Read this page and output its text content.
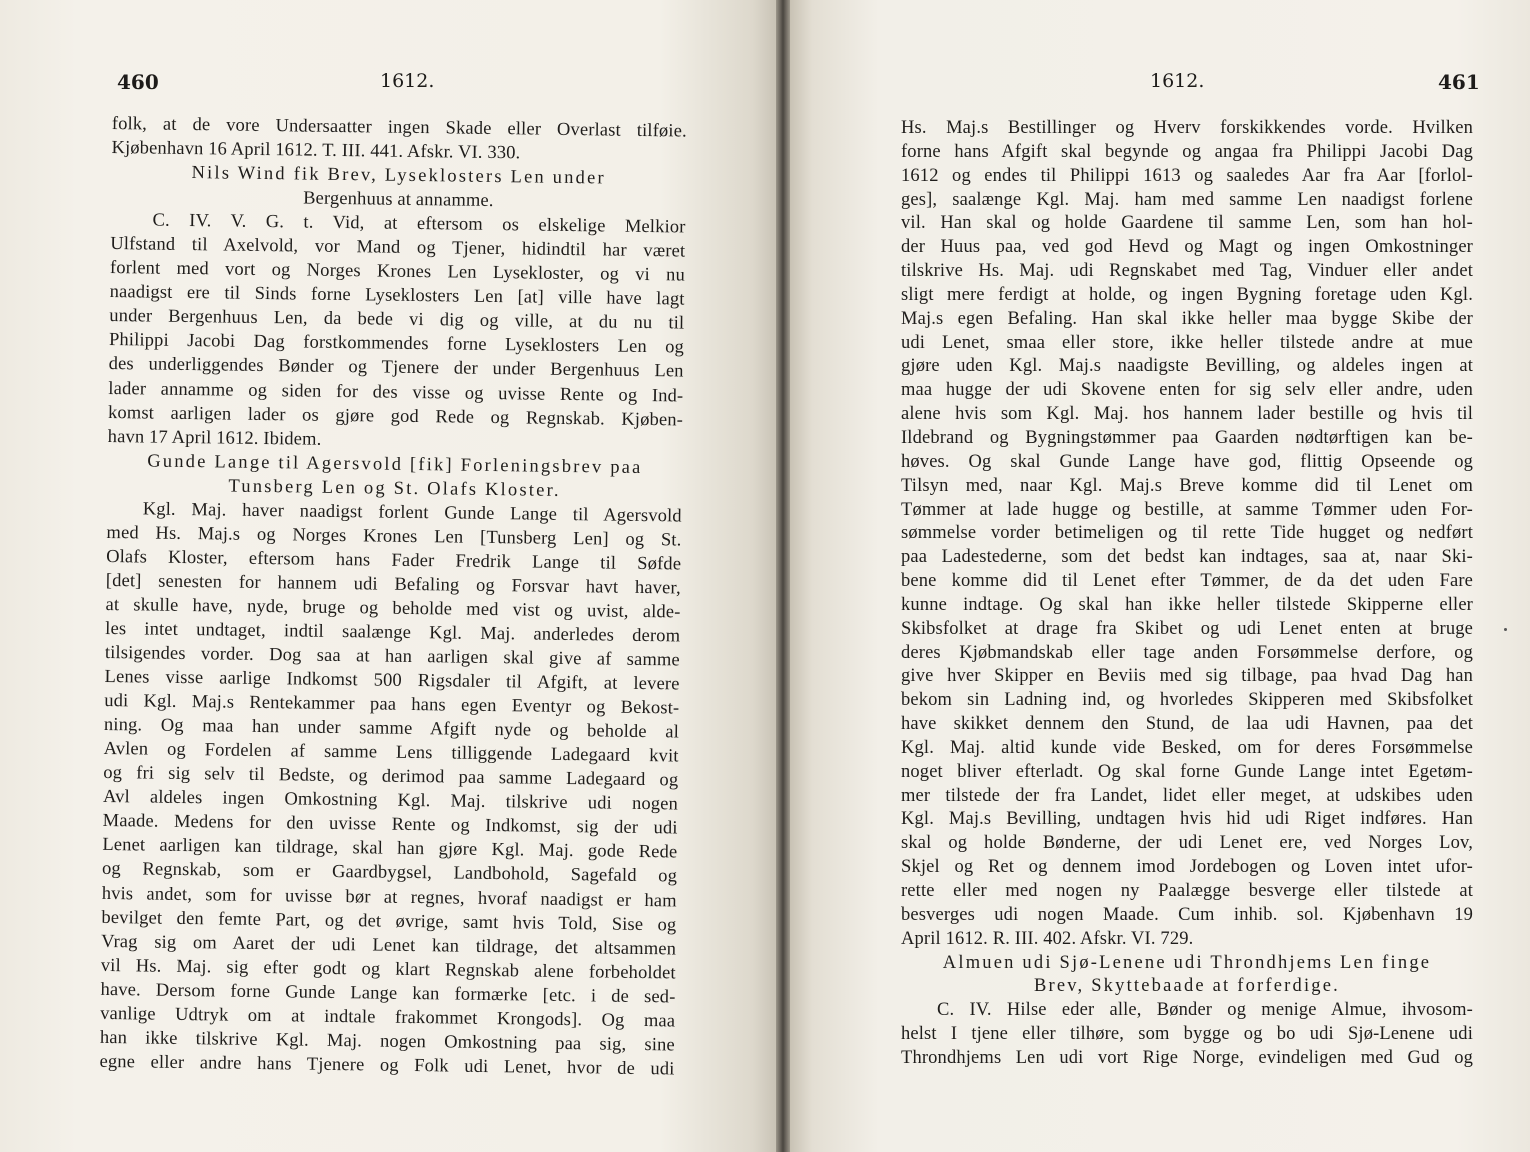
460	1612.
folk, at de vore Undersaatter ingen Skade eller Overlast tilføie.
Kjøbenhavn 16 April 1612. T. III. 441. Afskr. VI. 330.
Nils Wind fik Brev, Lyseklosters Len under
Bergenhuus at annamme.
C. IV. V. G. t. Vid, at eftersom os elskelige Melkior
Ulfstand til Axelvold, vor Mand og Tjener, hidindtil har været
forlent med vort og Norges Krones Len Lysekloster, og vi nu
naadigst ere til Sinds forne Lyseklosters Len [at] ville have lagt
under Bergenhuus Len, da bede vi dig og ville, at du nu til
Philippi Jacobi Dag forstkommendes forne Lyseklosters Len og
des underliggendes Bønder og Tjenere der under Bergenhuus Len
lader annamme og siden for des visse og uvisse Rente og Ind-
komst aarligen lader os gjøre god Rede og Regnskab. Kjøben-
havn 17 April 1612. Ibidem.
Gunde Lange til Agersvold [fik] Forleningsbrev paa
Tunsberg Len og St. Olafs Kloster.
Kgl. Maj. haver naadigst forlent Gunde Lange til Agersvold
med Hs. Maj.s og Norges Krones Len [Tunsberg Len] og St.
Olafs Kloster, eftersom hans Fader Fredrik Lange til Søfde
[det] senesten for hannem udi Befaling og Forsvar havt haver,
at skulle have, nyde, bruge og beholde med vist og uvist, alde-
les intet undtaget, indtil saalænge Kgl. Maj. anderledes derom
tilsigendes vorder. Dog saa at han aarligen skal give af samme
Lenes visse aarlige Indkomst 500 Rigsdaler til Afgift, at levere
udi Kgl. Maj.s Rentekammer paa hans egen Eventyr og Bekost-
ning. Og maa han under samme Afgift nyde og beholde al
Avlen og Fordelen af samme Lens tilliggende Ladegaard kvit
og fri sig selv til Bedste, og derimod paa samme Ladegaard og
Avl aldeles ingen Omkostning Kgl. Maj. tilskrive udi nogen
Maade. Medens for den uvisse Rente og Indkomst, sig der udi
Lenet aarligen kan tildrage, skal han gjøre Kgl. Maj. gode Rede
og Regnskab, som er Gaardbygsel, Landbohold, Sagefald og
hvis andet, som for uvisse bør at regnes, hvoraf naadigst er ham
bevilget den femte Part, og det øvrige, samt hvis Told, Sise og
Vrag sig om Aaret der udi Lenet kan tildrage, det altsammen
vil Hs. Maj. sig efter godt og klart Regnskab alene forbeholdet
have. Dersom forne Gunde Lange kan formærke [etc. i de sed-
vanlige Udtryk om at indtale frakommet Krongods]. Og maa
han ikke tilskrive Kgl. Maj. nogen Omkostning paa sig, sine
egne eller andre hans Tjenere og Folk udi Lenet, hvor de udi
1612.	461
Hs. Maj.s Bestillinger og Hverv forskikkendes vorde. Hvilken
forne hans Afgift skal begynde og angaa fra Philippi Jacobi Dag
1612 og endes til Philippi 1613 og saaledes Aar fra Aar [forlol-
ges], saalænge Kgl. Maj. ham med samme Len naadigst forlene
vil. Han skal og holde Gaardene til samme Len, som han hol-
der Huus paa, ved god Hevd og Magt og ingen Omkostninger
tilskrive Hs. Maj. udi Regnskabet med Tag, Vinduer eller andet
sligt mere ferdigt at holde, og ingen Bygning foretage uden Kgl.
Maj.s egen Befaling. Han skal ikke heller maa bygge Skibe der
udi Lenet, smaa eller store, ikke heller tilstede andre at mue
gjøre uden Kgl. Maj.s naadigste Bevilling, og aldeles ingen at
maa hugge der udi Skovene enten for sig selv eller andre, uden
alene hvis som Kgl. Maj. hos hannem lader bestille og hvis til
Ildebrand og Bygningstømmer paa Gaarden nødtørftigen kan be-
høves. Og skal Gunde Lange have god, flittig Opseende og
Tilsyn med, naar Kgl. Maj.s Breve komme did til Lenet om
Tømmer at lade hugge og bestille, at samme Tømmer uden For-
sømmelse vorder betimeligen og til rette Tide hugget og nedført
paa Ladestederne, som det bedst kan indtages, saa at, naar Ski-
bene komme did til Lenet efter Tømmer, de da det uden Fare
kunne indtage. Og skal han ikke heller tilstede Skipperne eller
Skibsfolket at drage fra Skibet og udi Lenet enten at bruge
deres Kjøbmandskab eller tage anden Forsømmelse derfore, og
give hver Skipper en Beviis med sig tilbage, paa hvad Dag han
bekom sin Ladning ind, og hvorledes Skipperen med Skibsfolket
have skikket dennem den Stund, de laa udi Havnen, paa det
Kgl. Maj. altid kunde vide Besked, om for deres Forsømmelse
noget bliver efterladt. Og skal forne Gunde Lange intet Egetøm-
mer tilstede der fra Landet, lidet eller meget, at udskibes uden
Kgl. Maj.s Bevilling, undtagen hvis hid udi Riget indføres. Han
skal og holde Bønderne, der udi Lenet ere, ved Norges Lov,
Skjel og Ret og dennem imod Jordebogen og Loven intet ufor-
rette eller med nogen ny Paalægge besverge eller tilstede at
besverges udi nogen Maade. Cum inhib. sol. Kjøbenhavn 19
April 1612. R. III. 402. Afskr. VI. 729.
Almuen udi Sjø-Lenene udi Throndhjems Len finge
Brev, Skyttebaade at forferdige.
C. IV. Hilse eder alle, Bønder og menige Almue, ihvosom-
helst I tjene eller tilhøre, som bygge og bo udi Sjø-Lenene udi
Throndhjems Len udi vort Rige Norge, evindeligen med Gud og
